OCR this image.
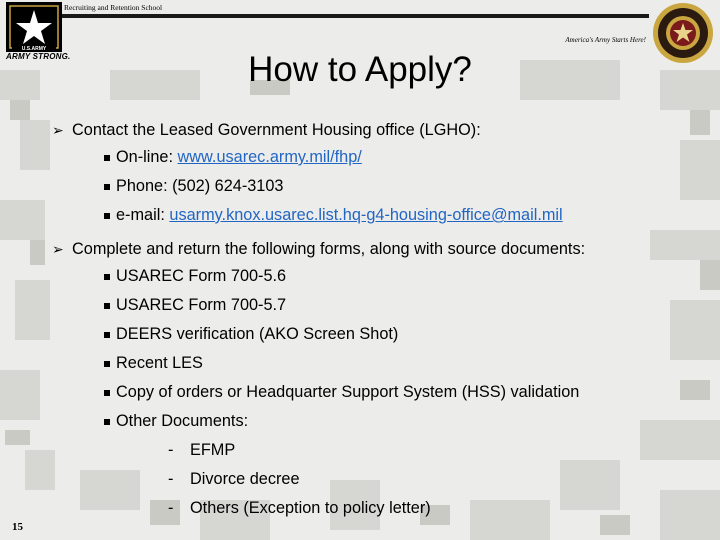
U.S.ARMY
ARMY STRONG.
Recruiting and Retention School
America's Army Starts Here!
How to Apply?
➢ Contact the Leased Government Housing office (LGHO):
On-line: www.usarec.army.mil/fhp/
Phone: (502) 624-3103
e-mail: usarmy.knox.usarec.list.hq-g4-housing-office@mail.mil
➢ Complete and return the following forms, along with source documents:
USAREC Form 700-5.6
USAREC Form 700-5.7
DEERS verification (AKO Screen Shot)
Recent LES
Copy of orders or Headquarter Support System (HSS) validation
Other Documents:
- EFMP
- Divorce decree
- Others (Exception to policy letter)
15
